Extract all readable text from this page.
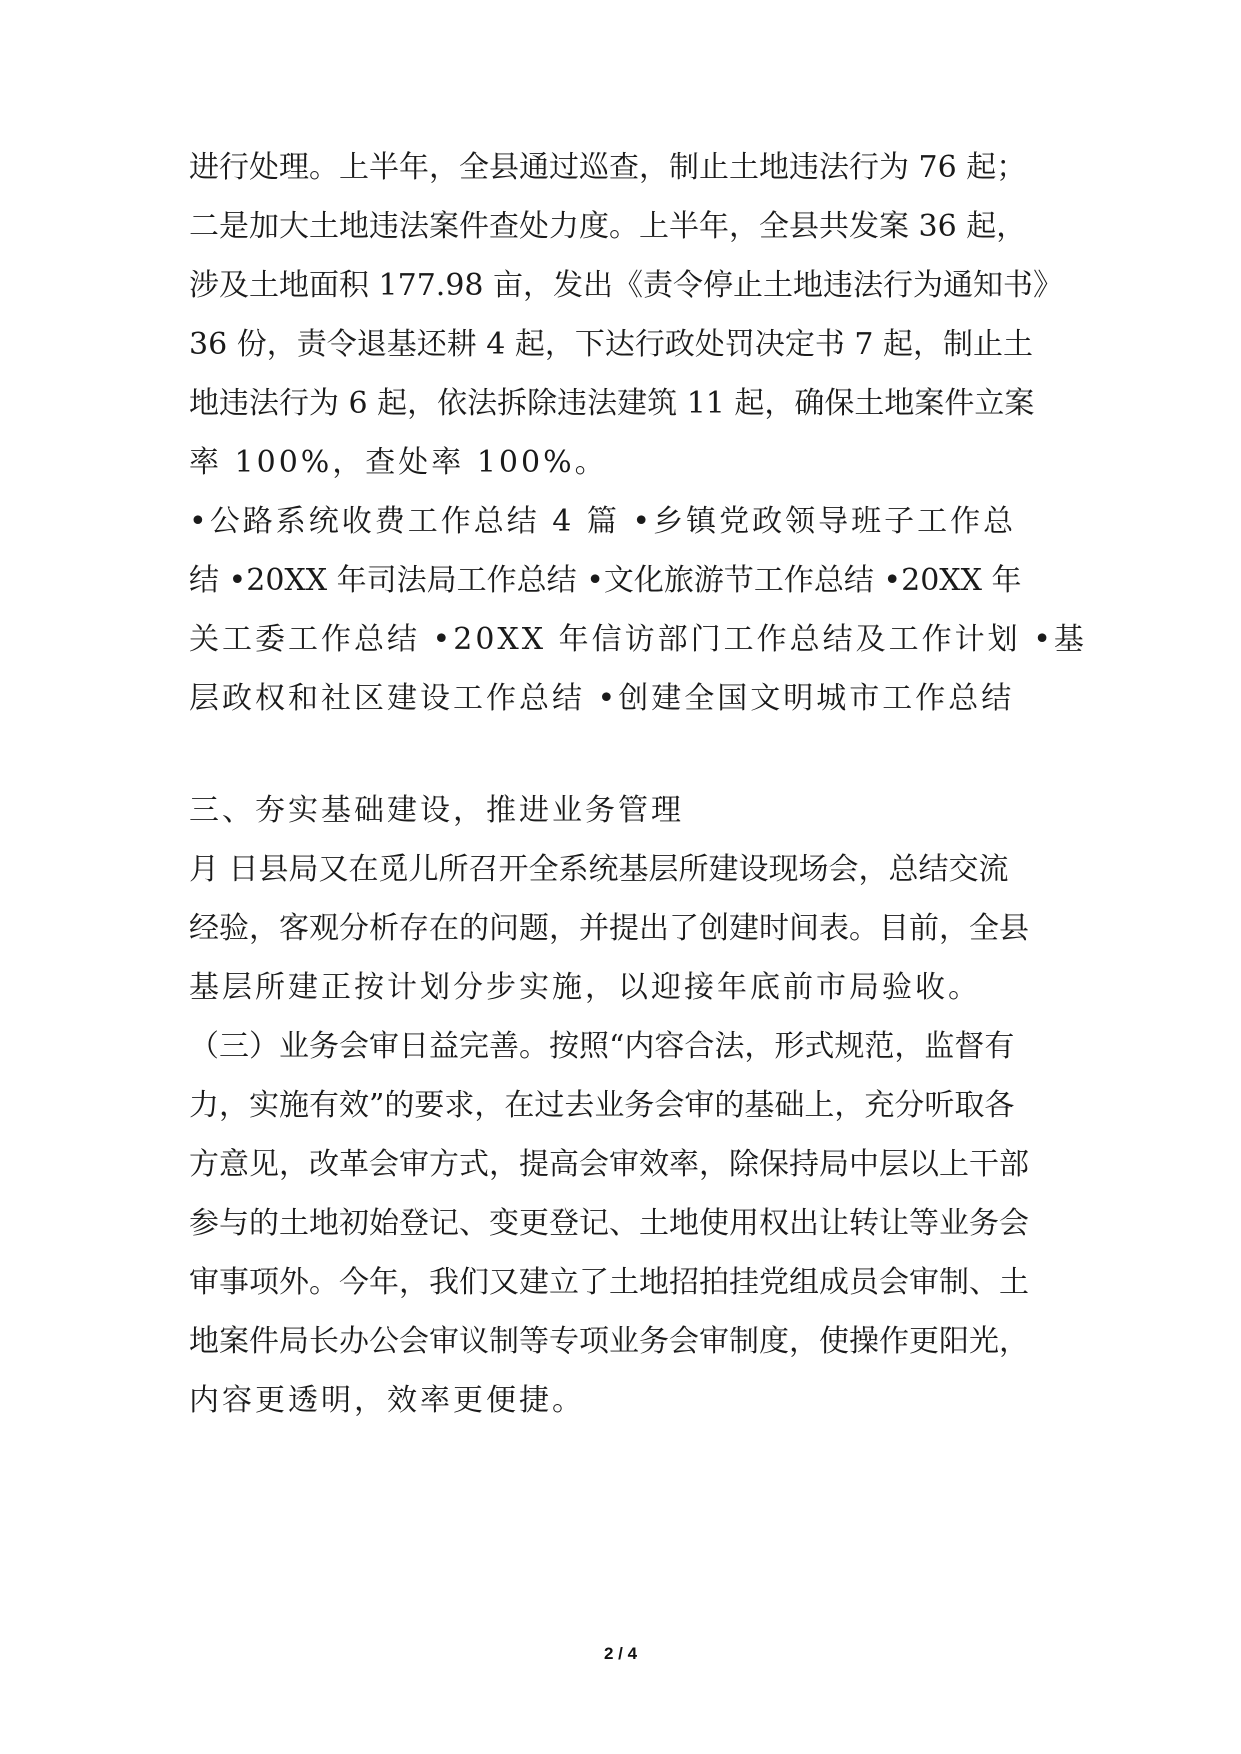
进行处理。上半年，全县通过巡查，制止土地违法行为 76 起；
二是加大土地违法案件查处力度。上半年，全县共发案 36 起，
涉及土地面积 177.98 亩，发出《责令停止土地违法行为通知书》
36 份，责令退基还耕 4 起，下达行政处罚决定书 7 起，制止土
地违法行为 6 起，依法拆除违法建筑 11 起，确保土地案件立案
率 100%，查处率 100%。
•公路系统收费工作总结 4 篇 •乡镇党政领导班子工作总
结 •20XX 年司法局工作总结 •文化旅游节工作总结 •20XX 年
关工委工作总结 •20XX 年信访部门工作总结及工作计划 •基
层政权和社区建设工作总结 •创建全国文明城市工作总结
三、夯实基础建设，推进业务管理
月 日县局又在觅儿所召开全系统基层所建设现场会，总结交流
经验，客观分析存在的问题，并提出了创建时间表。目前，全县
基层所建正按计划分步实施，以迎接年底前市局验收。
（三）业务会审日益完善。按照“内容合法，形式规范，监督有
力，实施有效”的要求，在过去业务会审的基础上，充分听取各
方意见，改革会审方式，提高会审效率，除保持局中层以上干部
参与的土地初始登记、变更登记、土地使用权出让转让等业务会
审事项外。今年，我们又建立了土地招拍挂党组成员会审制、土
地案件局长办公会审议制等专项业务会审制度，使操作更阳光，
内容更透明，效率更便捷。
2 / 4
